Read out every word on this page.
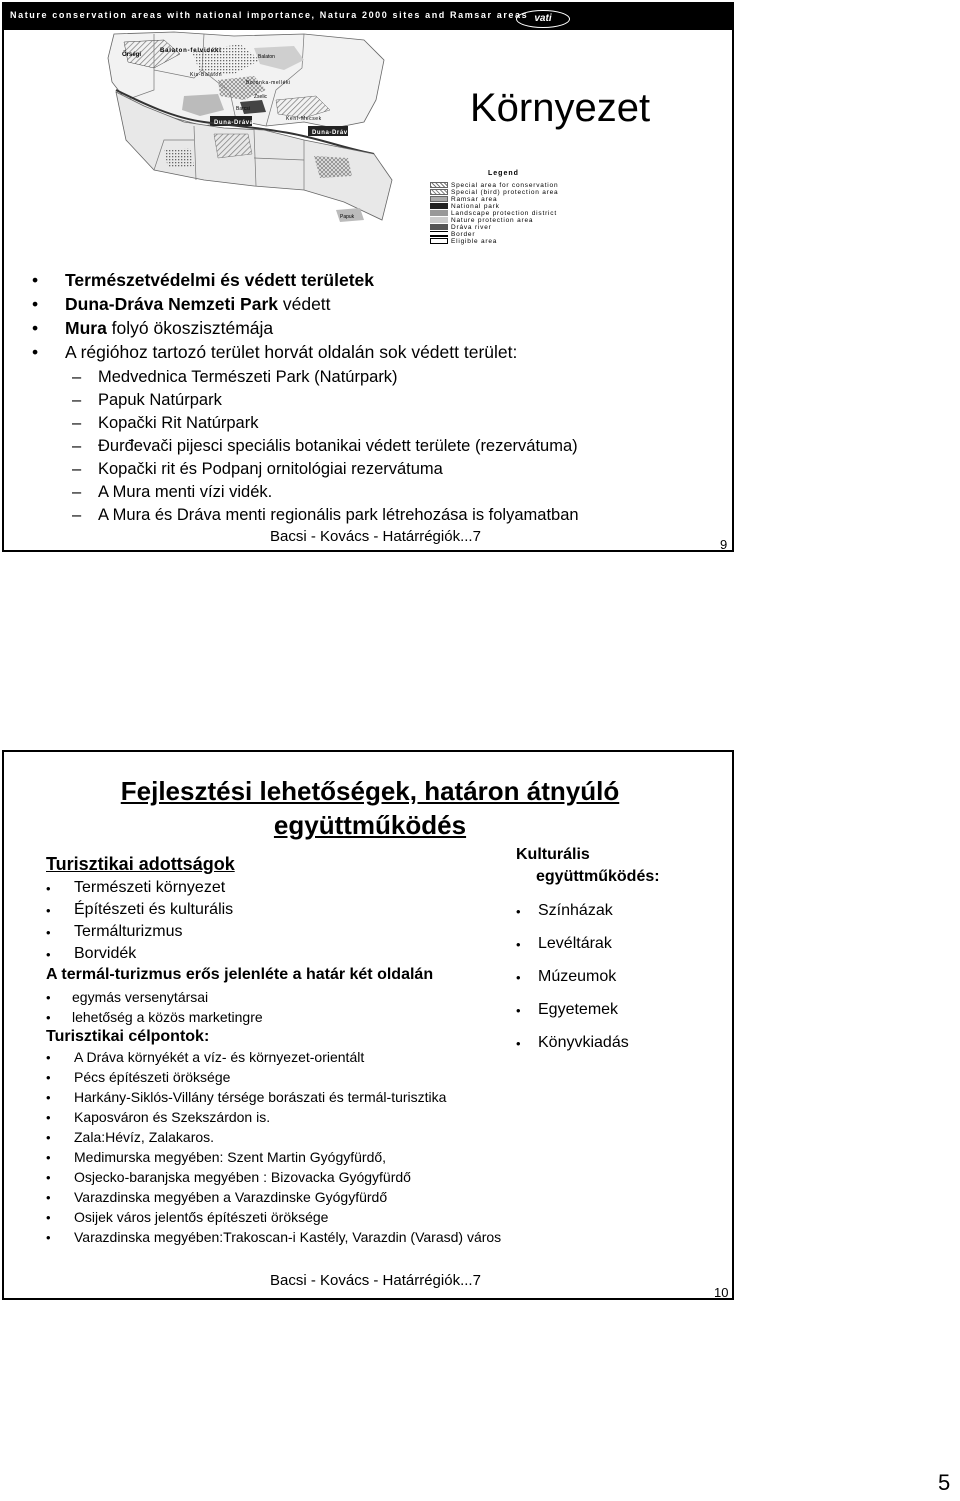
Nature conservation areas with national importance, Natura 2000 sites and Ramsar areas vati
Őrségi
Balaton-felvidéki
Balaton
Kis-Balaton
Boronka-melléki
Zselic
Barcsi
Duna-Dráva
Kení-Mecsek
Duna-Dráva
Papuk
Környezet
Legend
Special area for conservation
Special (bird) protection area
Ramsar area
National park
Landscape protection district
Nature protection area
Dráva river
Border
Eligible area
• Természetvédelmi és védett területek
• Duna-Dráva Nemzeti Park védett
• Mura folyó ökoszisztémája
• A régióhoz tartozó terület horvát oldalán sok védett terület:
– Medvednica Természeti Park (Natúrpark)
– Papuk Natúrpark
– Kopački Rit Natúrpark
– Đurđevači pijesci speciális botanikai védett területe (rezervátuma)
– Kopački rit és Podpanj ornitológiai rezervátuma
– A Mura menti vízi vidék.
– A Mura és Dráva menti regionális park létrehozása is folyamatban
Bacsi - Kovács - Határrégiók...7	9
Fejlesztési lehetőségek, határon átnyúló
együttműködés
Turisztikai adottságok
• Természeti környezet
• Építészeti és kulturális
• Termálturizmus
• Borvidék
A termál-turizmus erős jelenléte a határ két oldalán
• egymás versenytársai
• lehetőség a közös marketingre
Turisztikai célpontok:
• A Dráva környékét a víz- és környezet-orientált
• Pécs építészeti öröksége
• Harkány-Siklós-Villány térsége borászati és termál-turisztika
• Kaposváron és Szekszárdon is.
• Zala:Hévíz, Zalakaros.
• Medimurska megyében: Szent Martin Gyógyfürdő,
• Osjecko-baranjska megyében : Bizovacka Gyógyfürdő
• Varazdinska megyében a Varazdinske Gyógyfürdő
• Osijek város jelentős építészeti öröksége
• Varazdinska megyében:Trakoscan-i Kastély, Varazdin (Varasd) város
Kulturális
együttműködés:
• Színházak
• Levéltárak
• Múzeumok
• Egyetemek
• Könyvkiadás
Bacsi - Kovács - Határrégiók...7
10
5
